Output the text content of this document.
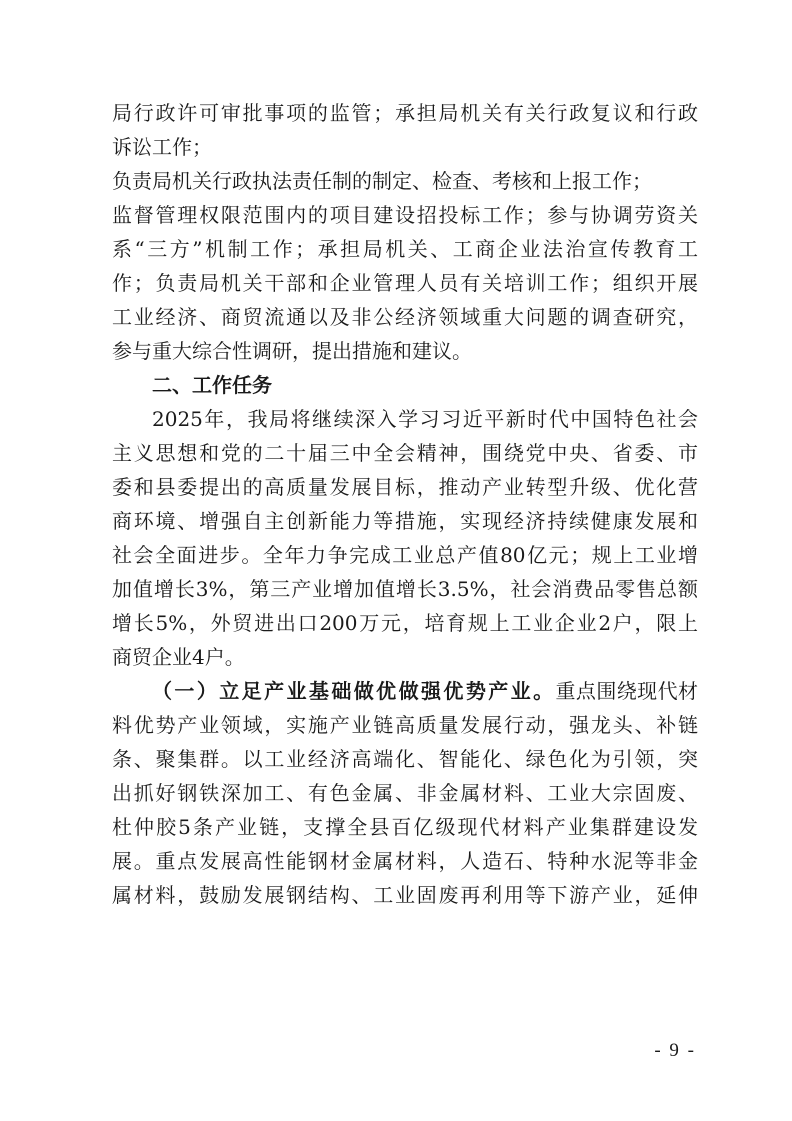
局行政许可审批事项的监管；承担局机关有关行政复议和行政
诉讼工作；
负责局机关行政执法责任制的制定、检查、考核和上报工作；
监督管理权限范围内的项目建设招投标工作；参与协调劳资关
系“三方”机制工作；承担局机关、工商企业法治宣传教育工
作；负责局机关干部和企业管理人员有关培训工作；组织开展
工业经济、商贸流通以及非公经济领域重大问题的调查研究，
参与重大综合性调研，提出措施和建议。
二、工作任务
2025年，我局将继续深入学习习近平新时代中国特色社会
主义思想和党的二十届三中全会精神，围绕党中央、省委、市
委和县委提出的高质量发展目标，推动产业转型升级、优化营
商环境、增强自主创新能力等措施，实现经济持续健康发展和
社会全面进步。全年力争完成工业总产值80亿元；规上工业增
加值增长3%，第三产业增加值增长3.5%，社会消费品零售总额
增长5%，外贸进出口200万元，培育规上工业企业2户，限上
商贸企业4户。
（一）立足产业基础做优做强优势产业。重点围绕现代材
料优势产业领域，实施产业链高质量发展行动，强龙头、补链
条、聚集群。以工业经济高端化、智能化、绿色化为引领，突
出抓好钢铁深加工、有色金属、非金属材料、工业大宗固废、
杜仲胶5条产业链，支撑全县百亿级现代材料产业集群建设发
展。重点发展高性能钢材金属材料，人造石、特种水泥等非金
属材料，鼓励发展钢结构、工业固废再利用等下游产业，延伸
- 9 -
